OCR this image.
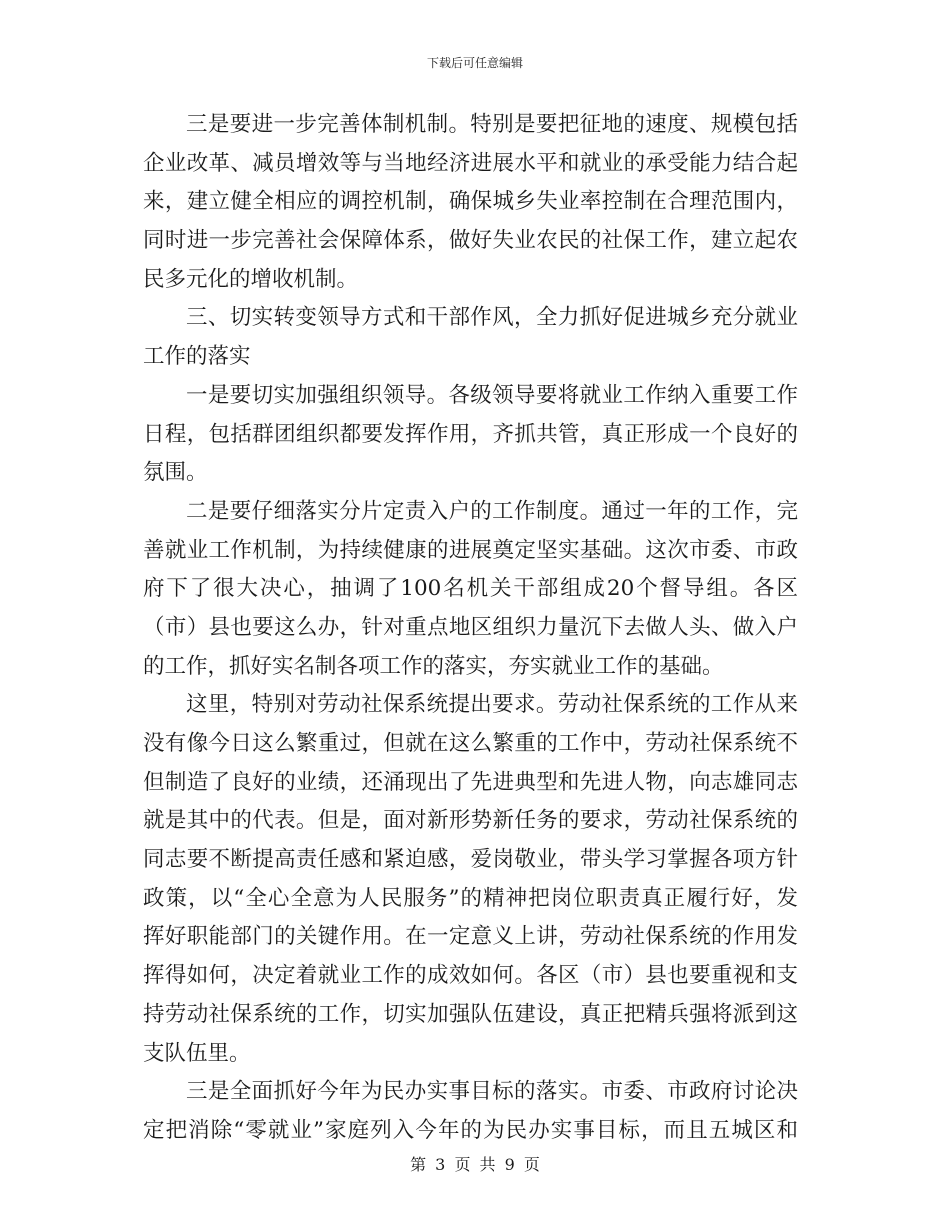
下载后可任意编辑
三是要进一步完善体制机制。特别是要把征地的速度、规模包括
企业改革、减员增效等与当地经济进展水平和就业的承受能力结合起
来，建立健全相应的调控机制，确保城乡失业率控制在合理范围内，
同时进一步完善社会保障体系，做好失业农民的社保工作，建立起农
民多元化的增收机制。
三、切实转变领导方式和干部作风，全力抓好促进城乡充分就业
工作的落实
一是要切实加强组织领导。各级领导要将就业工作纳入重要工作
日程，包括群团组织都要发挥作用，齐抓共管，真正形成一个良好的
氛围。
二是要仔细落实分片定责入户的工作制度。通过一年的工作，完
善就业工作机制，为持续健康的进展奠定坚实基础。这次市委、市政
府下了很大决心，抽调了100名机关干部组成20个督导组。各区
（市）县也要这么办，针对重点地区组织力量沉下去做人头、做入户
的工作，抓好实名制各项工作的落实，夯实就业工作的基础。
这里，特别对劳动社保系统提出要求。劳动社保系统的工作从来
没有像今日这么繁重过，但就在这么繁重的工作中，劳动社保系统不
但制造了良好的业绩，还涌现出了先进典型和先进人物，向志雄同志
就是其中的代表。但是，面对新形势新任务的要求，劳动社保系统的
同志要不断提高责任感和紧迫感，爱岗敬业，带头学习掌握各项方针
政策，以“全心全意为人民服务”的精神把岗位职责真正履行好，发
挥好职能部门的关键作用。在一定意义上讲，劳动社保系统的作用发
挥得如何，决定着就业工作的成效如何。各区（市）县也要重视和支
持劳动社保系统的工作，切实加强队伍建设，真正把精兵强将派到这
支队伍里。
三是全面抓好今年为民办实事目标的落实。市委、市政府讨论决
定把消除“零就业”家庭列入今年的为民办实事目标，而且五城区和
第 3 页 共 9 页
